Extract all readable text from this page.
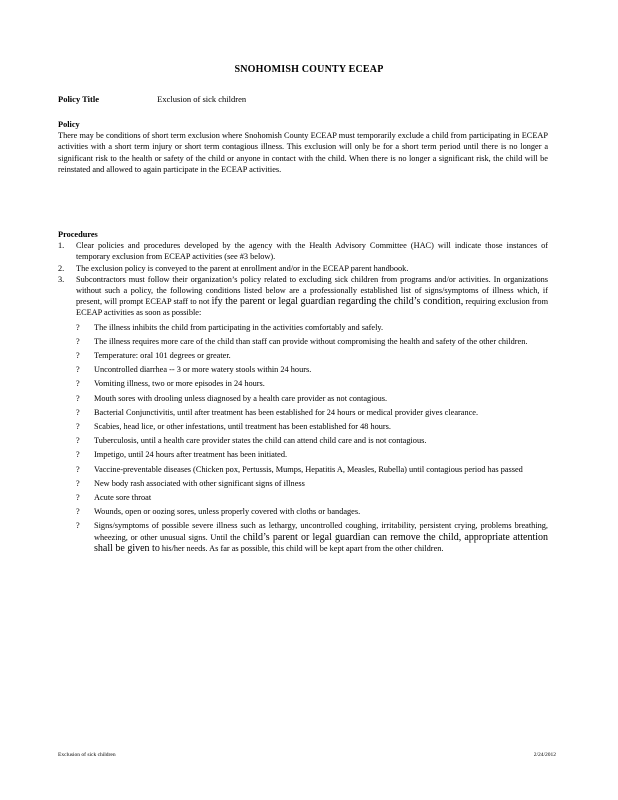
SNOHOMISH COUNTY ECEAP
Policy Title	Exclusion of sick children
Policy
There may be conditions of short term exclusion where Snohomish County ECEAP must temporarily exclude a child from participating in ECEAP activities with a short term injury or short term contagious illness. This exclusion will only be for a short term period until there is no longer a significant risk to the health or safety of the child or anyone in contact with the child. When there is no longer a significant risk, the child will be reinstated and allowed to again participate in the ECEAP activities.
Procedures
1. Clear policies and procedures developed by the agency with the Health Advisory Committee (HAC) will indicate those instances of temporary exclusion from ECEAP activities (see #3 below).
2. The exclusion policy is conveyed to the parent at enrollment and/or in the ECEAP parent handbook.
3. Subcontractors must follow their organization’s policy related to excluding sick children from programs and/or activities. In organizations without such a policy, the following conditions listed below are a professionally established list of signs/symptoms of illness which, if present, will prompt ECEAP staff to not ify the parent or legal guardian regarding the child’s condition, requiring exclusion from ECEAP activities as soon as possible:
? The illness inhibits the child from participating in the activities comfortably and safely.
? The illness requires more care of the child than staff can provide without compromising the health and safety of the other children.
? Temperature: oral 101 degrees or greater.
? Uncontrolled diarrhea -- 3 or more watery stools within 24 hours.
? Vomiting illness, two or more episodes in 24 hours.
? Mouth sores with drooling unless diagnosed by a health care provider as not contagious.
? Bacterial Conjunctivitis, until after treatment has been established for 24 hours or medical provider gives clearance.
? Scabies, head lice, or other infestations, until treatment has been established for 48 hours.
? Tuberculosis, until a health care provider states the child can attend child care and is not contagious.
? Impetigo, until 24 hours after treatment has been initiated.
? Vaccine-preventable diseases (Chicken pox, Pertussis, Mumps, Hepatitis A, Measles, Rubella) until contagious period has passed
? New body rash associated with other significant signs of illness
? Acute sore throat
? Wounds, open or oozing sores, unless properly covered with cloths or bandages.
? Signs/symptoms of possible severe illness such as lethargy, uncontrolled coughing, irritability, persistent crying, problems breathing, wheezing, or other unusual signs. Until the child’s parent or legal guardian can remove the child, appropriate attention shall be given to his/her needs. As far as possible, this child will be kept apart from the other children.
Exclusion of sick children	2/24/2012
